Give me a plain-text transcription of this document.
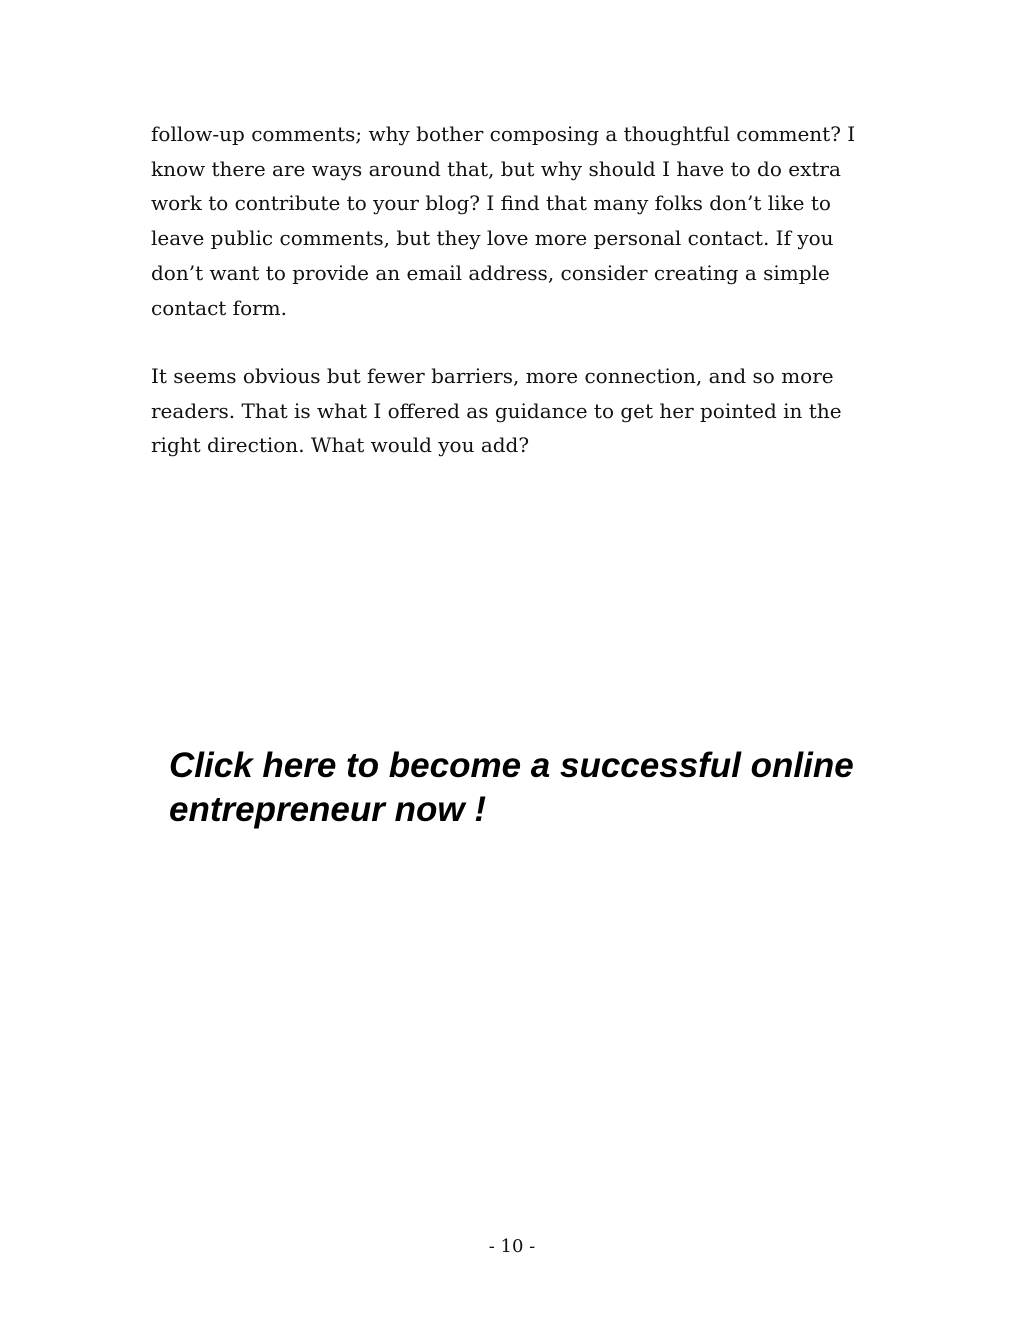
follow-up comments; why bother composing a thoughtful comment? I
know there are ways around that, but why should I have to do extra
work to contribute to your blog? I find that many folks don’t like to
leave public comments, but they love more personal contact. If you
don’t want to provide an email address, consider creating a simple
contact form.

It seems obvious but fewer barriers, more connection, and so more
readers. That is what I offered as guidance to get her pointed in the
right direction. What would you add?

Click here to become a successful online
entrepreneur now !
- 10 -
